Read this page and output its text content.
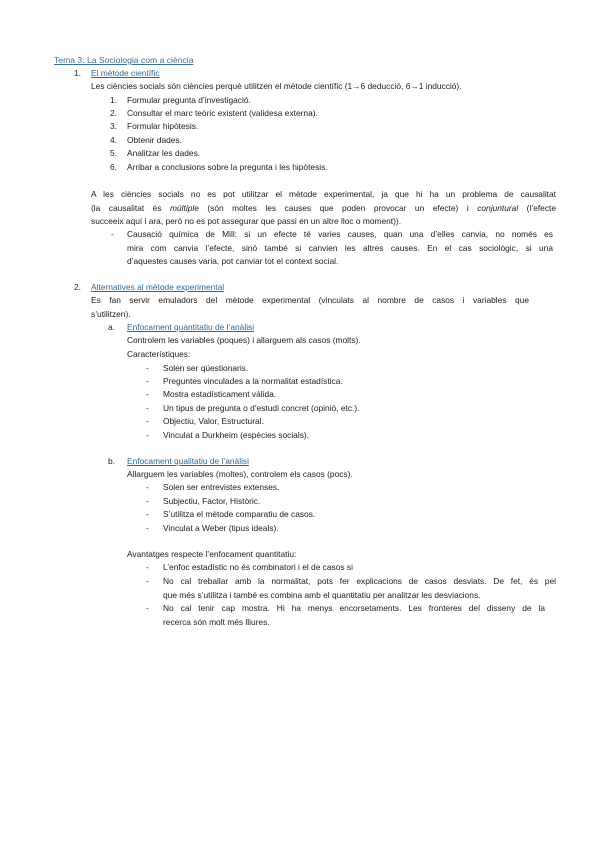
Tema 3: La Sociologia com a ciència
1. El mètode científic
Les ciències socials són ciències perquè utilitzen el mètode científic (1→6 deducció, 6→1 inducció).
1. Formular pregunta d’investigació.
2. Consultar el marc teòric existent (validesa externa).
3. Formular hipòtesis.
4. Obtenir dades.
5. Analitzar les dades.
6. Arribar a conclusions sobre la pregunta i les hipòtesis.
A les ciències socials no es pot utilitzar el mètode experimental, ja que hi ha un problema de causalitat
(la causalitat és múltiple (són moltes les causes que poden provocar un efecte) i conjuntural (l’efecte
succeeix aquí i ara, però no es pot assegurar que passi en un altre lloc o moment)).
- Causació química de Mill: si un efecte té varies causes, quan una d’elles canvia, no només es
mira com canvia l’efecte, sinó també si canvien les altres causes. En el cas sociològic, si una
d’aquestes causes varia, pot canviar tot el context social.
2. Alternatives al mètode experimental
Es fan servir emuladors del mètode experimental (vinculats al nombre de casos i variables que
s’utilitzen).
a. Enfocament quantitatiu de l’anàlisi
Controlem les variables (poques) i allarguem als casos (molts).
Característiques:
- Solen ser qüestionaris.
- Preguntes vinculades a la normalitat estadística.
- Mostra estadísticament vàlida.
- Un tipus de pregunta o d’estudi concret (opinió, etc.).
- Objectiu, Valor, Estructural.
- Vinculat a Durkheim (espècies socials).
b. Enfocament qualitatiu de l’anàlisi
Allarguem les variables (moltes), controlem els casos (pocs).
- Solen ser entrevistes extenses.
- Subjectiu, Factor, Històric.
- S’utilitza el mètode comparatiu de casos.
- Vinculat a Weber (tipus ideals).
Avantatges respecte l’enfocament quantitatiu:
- L’enfoc estadístic no és combinatori i el de casos si
- No cal treballar amb la normalitat, pots fer explicacions de casos desviats. De fet, és pel
que més s’utilitza i també es combina amb el quantitatiu per analitzar les desviacions.
- No cal tenir cap mostra. Hi ha menys encorsetaments. Les fronteres del disseny de la
recerca són molt més lliures.
